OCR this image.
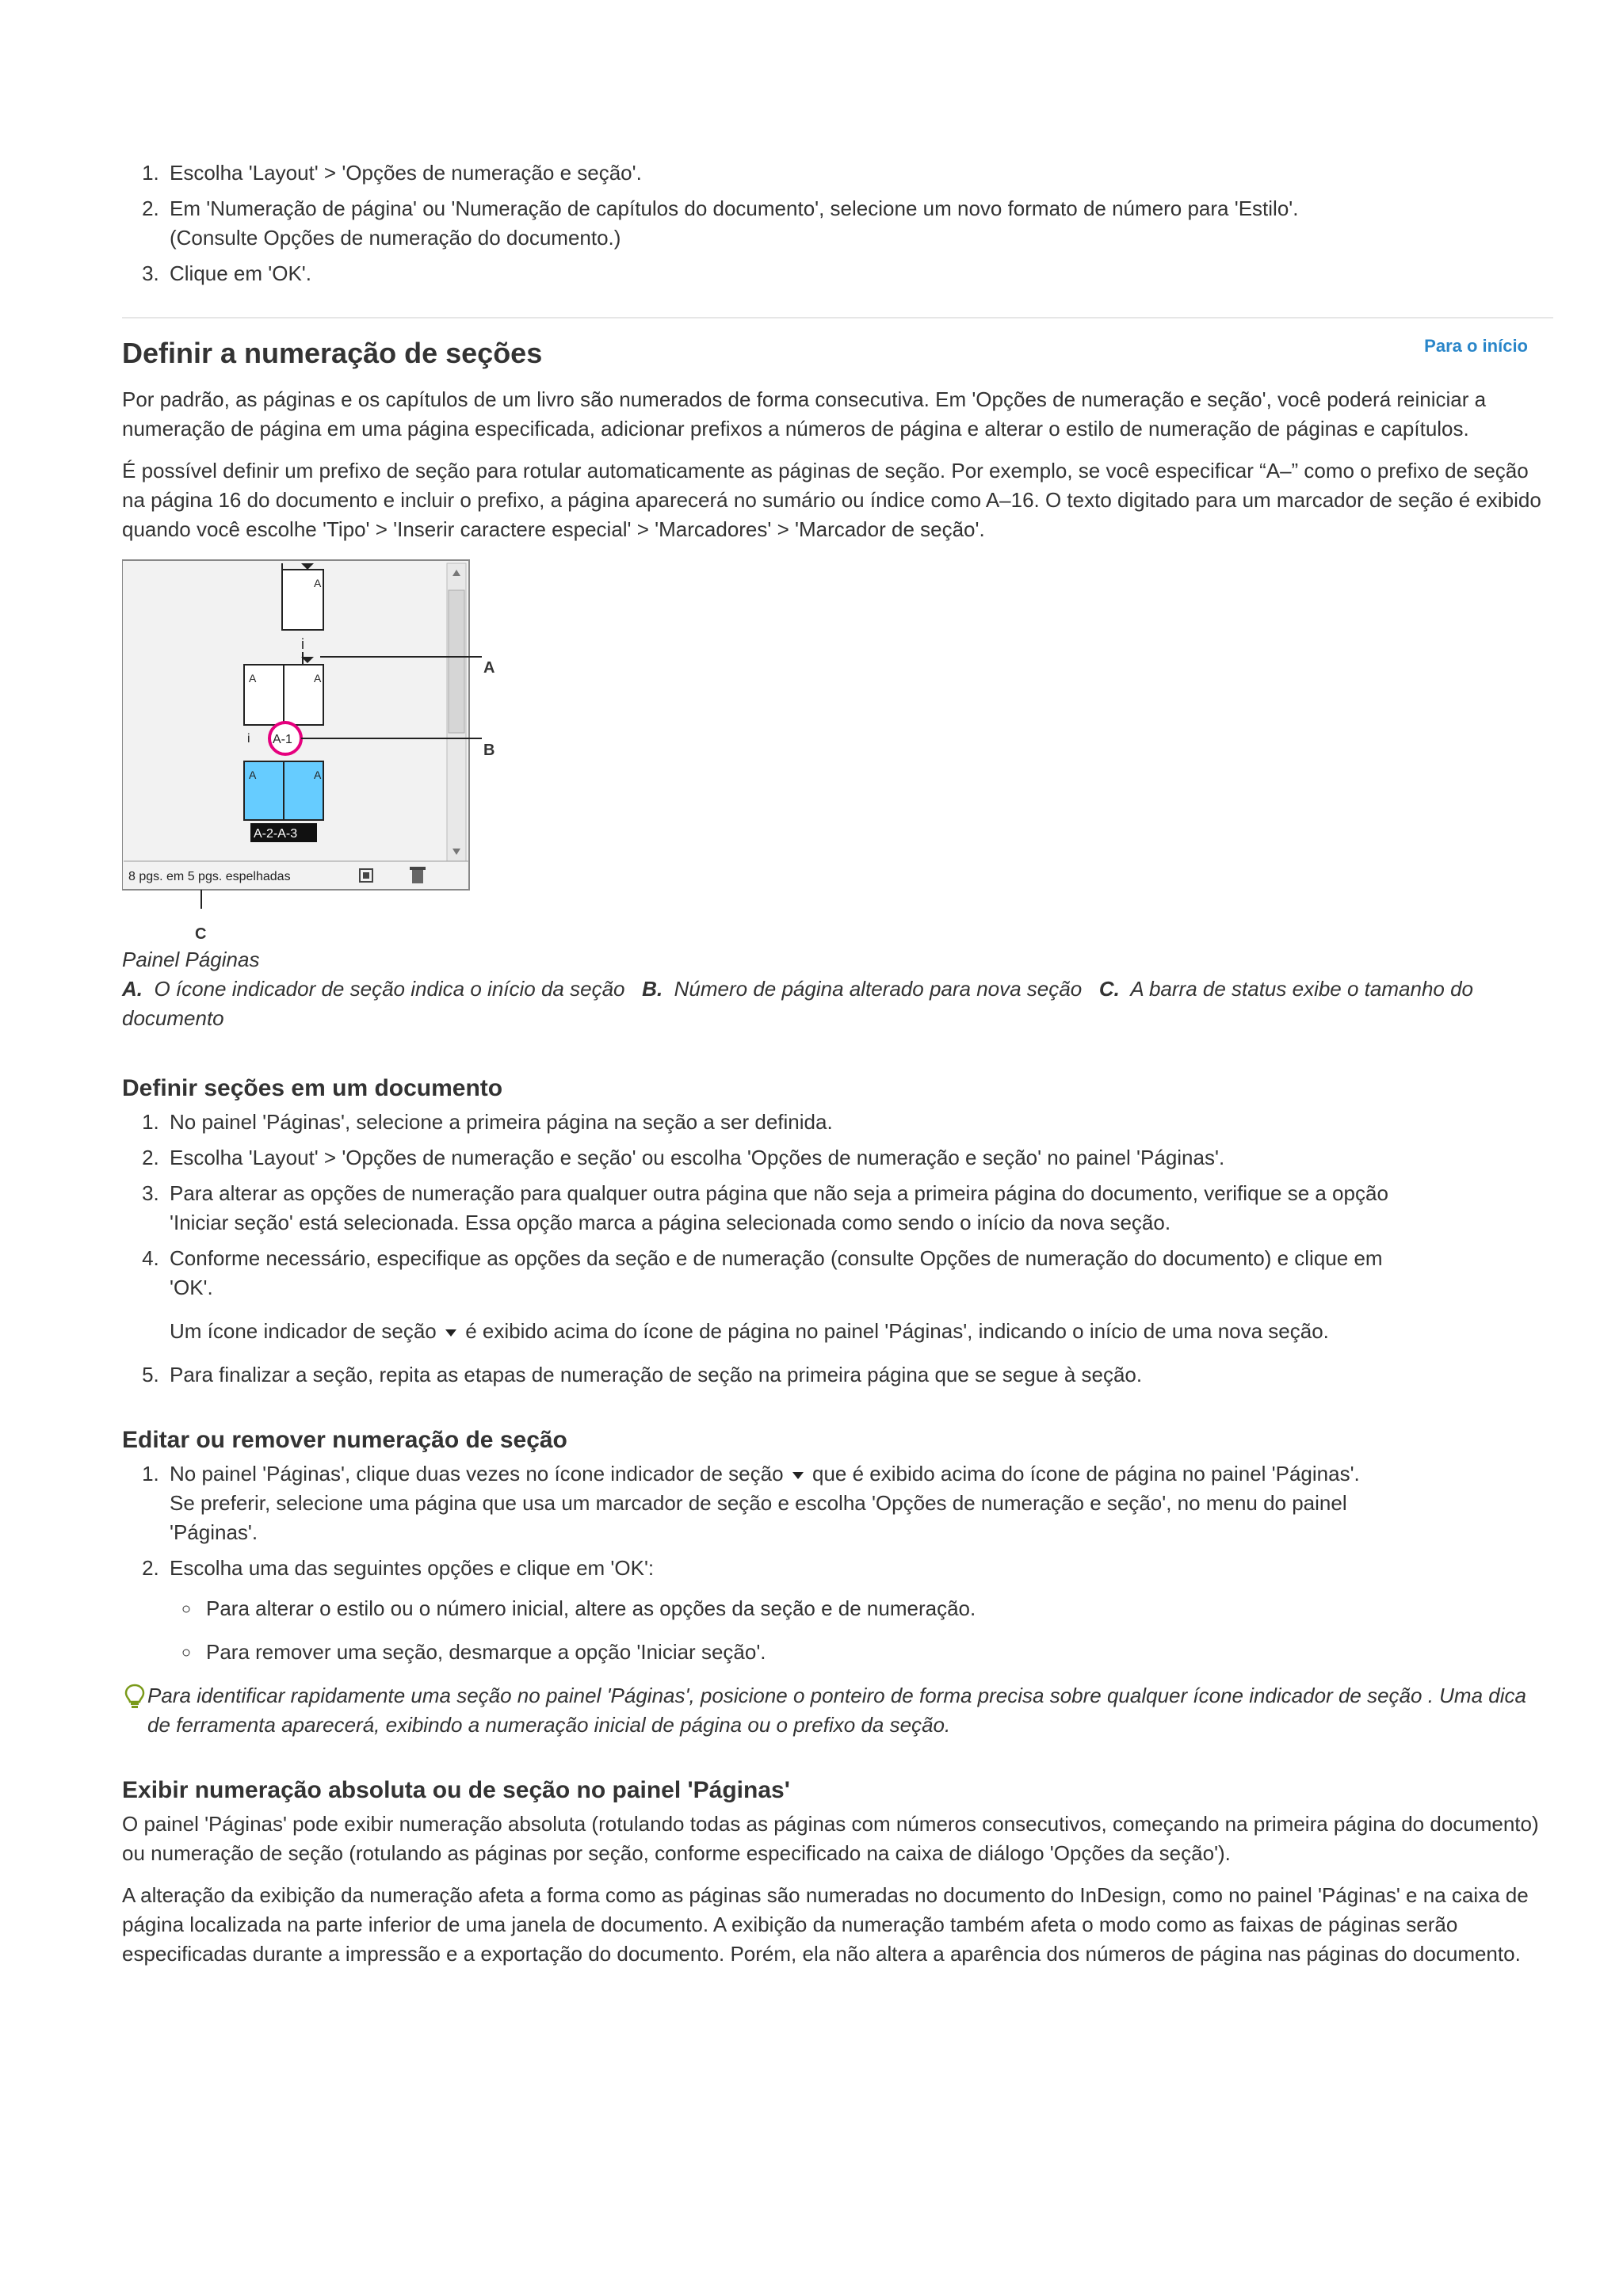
1. Escolha 'Layout' > 'Opções de numeração e seção'.
2. Em 'Numeração de página' ou 'Numeração de capítulos do documento', selecione um novo formato de número para 'Estilo'. (Consulte Opções de numeração do documento.)
3. Clique em 'OK'.
Para o início
Definir a numeração de seções

Por padrão, as páginas e os capítulos de um livro são numerados de forma consecutiva. Em 'Opções de numeração e seção', você poderá reiniciar a numeração de página em uma página especificada, adicionar prefixos a números de página e alterar o estilo de numeração de páginas e capítulos.

É possível definir um prefixo de seção para rotular automaticamente as páginas de seção. Por exemplo, se você especificar “A–” como o prefixo de seção na página 16 do documento e incluir o prefixo, a página aparecerá no sumário ou índice como A–16. O texto digitado para um marcador de seção é exibido quando você escolhe 'Tipo' > 'Inserir caractere especial' > 'Marcadores' > 'Marcador de seção'.

A
i
A	A
i A-1
A	A
A-2-A-3
8 pgs. em 5 pgs. espelhadas
A
B
C
Painel Páginas
A. O ícone indicador de seção indica o início da seção B. Número de página alterado para nova seção C. A barra de status exibe o tamanho do documento
Definir seções em um documento
1. No painel 'Páginas', selecione a primeira página na seção a ser definida.
2. Escolha 'Layout' > 'Opções de numeração e seção' ou escolha 'Opções de numeração e seção' no painel 'Páginas'.
3. Para alterar as opções de numeração para qualquer outra página que não seja a primeira página do documento, verifique se a opção 'Iniciar seção' está selecionada. Essa opção marca a página selecionada como sendo o início da nova seção.
4. Conforme necessário, especifique as opções da seção e de numeração (consulte Opções de numeração do documento) e clique em 'OK'.
Um ícone indicador de seção é exibido acima do ícone de página no painel 'Páginas', indicando o início de uma nova seção.
5. Para finalizar a seção, repita as etapas de numeração de seção na primeira página que se segue à seção.
Editar ou remover numeração de seção
1. No painel 'Páginas', clique duas vezes no ícone indicador de seção que é exibido acima do ícone de página no painel 'Páginas'. Se preferir, selecione uma página que usa um marcador de seção e escolha 'Opções de numeração e seção', no menu do painel 'Páginas'.
2. Escolha uma das seguintes opções e clique em 'OK':
◦ Para alterar o estilo ou o número inicial, altere as opções da seção e de numeração.
◦ Para remover uma seção, desmarque a opção 'Iniciar seção'.
Para identificar rapidamente uma seção no painel 'Páginas', posicione o ponteiro de forma precisa sobre qualquer ícone indicador de seção . Uma dica de ferramenta aparecerá, exibindo a numeração inicial de página ou o prefixo da seção.
Exibir numeração absoluta ou de seção no painel 'Páginas'

O painel 'Páginas' pode exibir numeração absoluta (rotulando todas as páginas com números consecutivos, começando na primeira página do documento) ou numeração de seção (rotulando as páginas por seção, conforme especificado na caixa de diálogo 'Opções da seção').

A alteração da exibição da numeração afeta a forma como as páginas são numeradas no documento do InDesign, como no painel 'Páginas' e na caixa de página localizada na parte inferior de uma janela de documento. A exibição da numeração também afeta o modo como as faixas de páginas serão especificadas durante a impressão e a exportação do documento. Porém, ela não altera a aparência dos números de página nas páginas do documento.
